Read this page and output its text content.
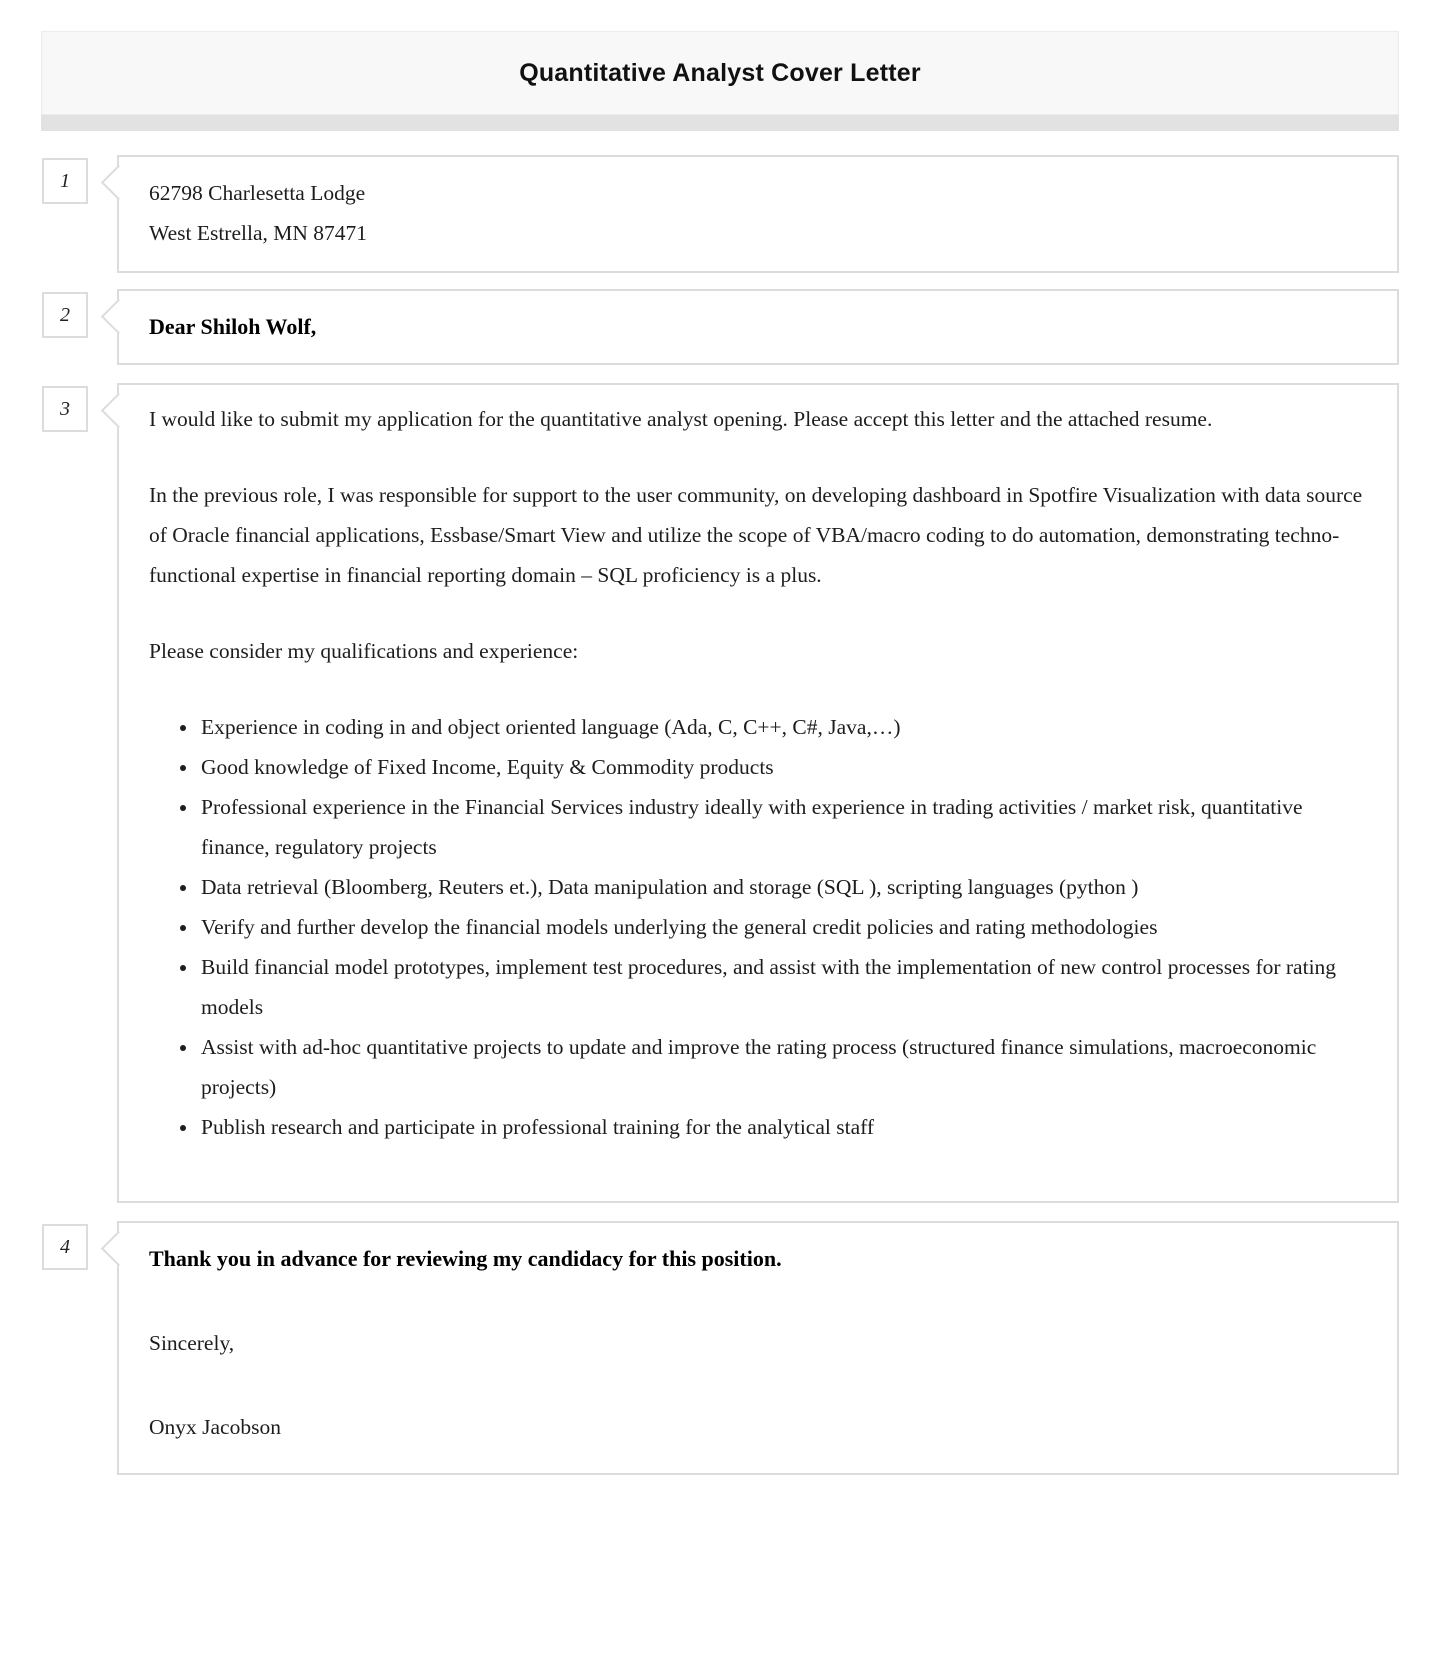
Quantitative Analyst Cover Letter
1
62798 Charlesetta Lodge
West Estrella, MN 87471
2	Dear Shiloh Wolf,
3	I would like to submit my application for the quantitative analyst opening. Please accept this letter and the attached resume.

In the previous role, I was responsible for support to the user community, on developing dashboard in Spotfire Visualization with data source of Oracle financial applications, Essbase/Smart View and utilize the scope of VBA/macro coding to do automation, demonstrating techno-functional expertise in financial reporting domain – SQL proficiency is a plus.

Please consider my qualifications and experience:

• Experience in coding in and object oriented language (Ada, C, C++, C#, Java,…)
• Good knowledge of Fixed Income, Equity & Commodity products
• Professional experience in the Financial Services industry ideally with experience in trading activities / market risk, quantitative finance, regulatory projects
• Data retrieval (Bloomberg, Reuters et.), Data manipulation and storage (SQL ), scripting languages (python )
• Verify and further develop the financial models underlying the general credit policies and rating methodologies
• Build financial model prototypes, implement test procedures, and assist with the implementation of new control processes for rating models
• Assist with ad-hoc quantitative projects to update and improve the rating process (structured finance simulations, macroeconomic projects)
• Publish research and participate in professional training for the analytical staff
4	Thank you in advance for reviewing my candidacy for this position.
Sincerely,
Onyx Jacobson
